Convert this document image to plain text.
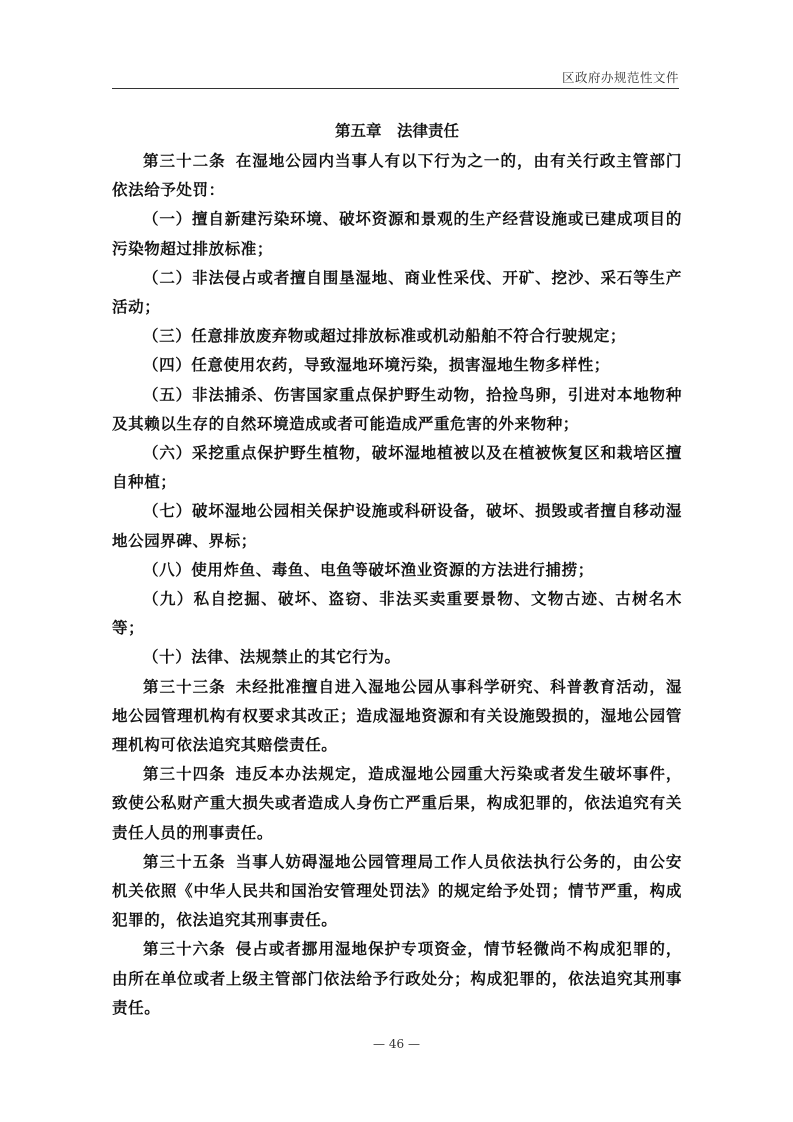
区政府办规范性文件
第五章　法律责任

第三十二条 在湿地公园内当事人有以下行为之一的，由有关行政主管部门依法给予处罚：

（一）擅自新建污染环境、破坏资源和景观的生产经营设施或已建成项目的污染物超过排放标准；

（二）非法侵占或者擅自围垦湿地、商业性采伐、开矿、挖沙、采石等生产活动；

（三）任意排放废弃物或超过排放标准或机动船舶不符合行驶规定；

（四）任意使用农药，导致湿地环境污染，损害湿地生物多样性；

（五）非法捕杀、伤害国家重点保护野生动物，拾捡鸟卵，引进对本地物种及其赖以生存的自然环境造成或者可能造成严重危害的外来物种；

（六）采挖重点保护野生植物，破坏湿地植被以及在植被恢复区和栽培区擅自种植；

（七）破坏湿地公园相关保护设施或科研设备，破坏、损毁或者擅自移动湿地公园界碑、界标；

（八）使用炸鱼、毒鱼、电鱼等破坏渔业资源的方法进行捕捞；

（九）私自挖掘、破坏、盗窃、非法买卖重要景物、文物古迹、古树名木等；

（十）法律、法规禁止的其它行为。

第三十三条 未经批准擅自进入湿地公园从事科学研究、科普教育活动，湿地公园管理机构有权要求其改正；造成湿地资源和有关设施毁损的，湿地公园管理机构可依法追究其赔偿责任。

第三十四条 违反本办法规定，造成湿地公园重大污染或者发生破坏事件，致使公私财产重大损失或者造成人身伤亡严重后果，构成犯罪的，依法追究有关责任人员的刑事责任。

第三十五条 当事人妨碍湿地公园管理局工作人员依法执行公务的，由公安机关依照《中华人民共和国治安管理处罚法》的规定给予处罚；情节严重，构成犯罪的，依法追究其刑事责任。

第三十六条 侵占或者挪用湿地保护专项资金，情节轻微尚不构成犯罪的，由所在单位或者上级主管部门依法给予行政处分；构成犯罪的，依法追究其刑事责任。

— 46 —
